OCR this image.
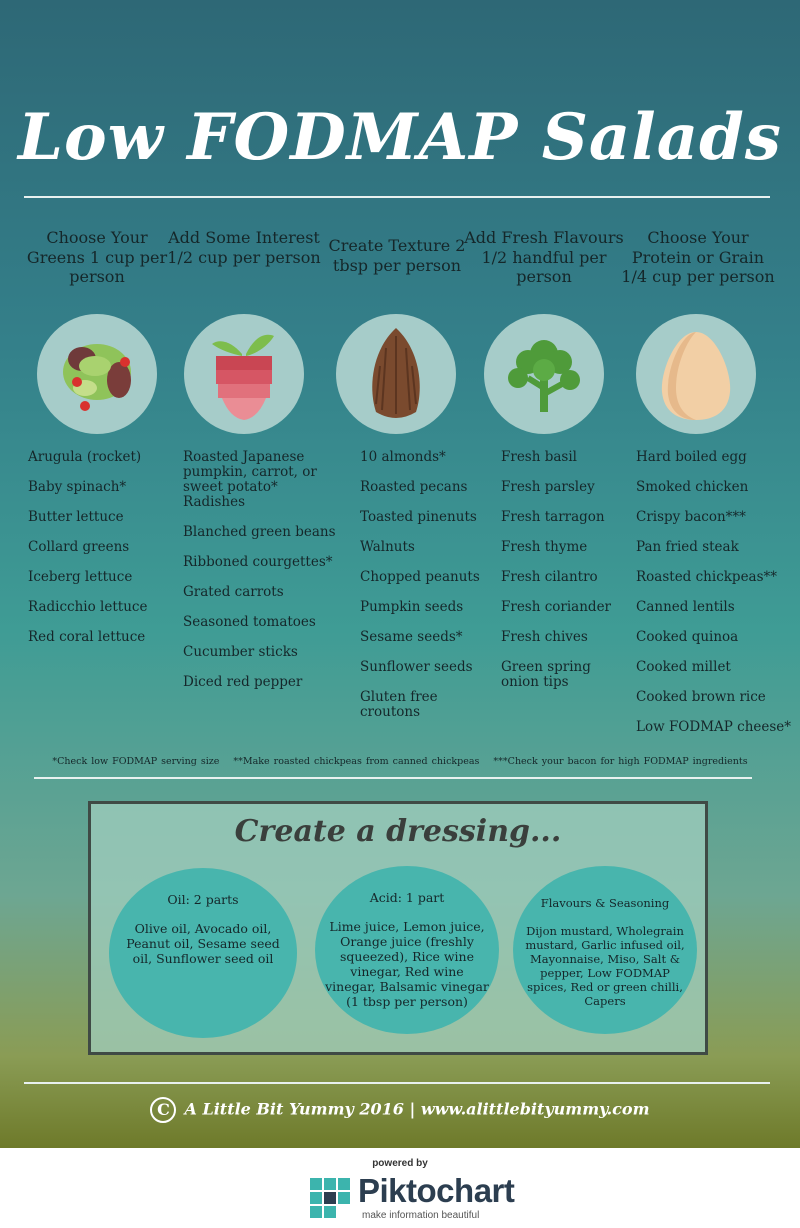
Low FODMAP Salads
Choose Your Greens 1 cup per person
Arugula (rocket)
Baby spinach*
Butter lettuce
Collard greens
Iceberg lettuce
Radicchio lettuce
Red coral lettuce
Add Some Interest 1/2 cup per person
Roasted Japanese pumpkin, carrot, or sweet potato*
Radishes
Blanched green beans
Ribboned courgettes*
Grated carrots
Seasoned tomatoes
Cucumber sticks
Diced red pepper
Create Texture 2 tbsp per person
10 almonds*
Roasted pecans
Toasted pinenuts
Walnuts
Chopped peanuts
Pumpkin seeds
Sesame seeds*
Sunflower seeds
Gluten free croutons
Add Fresh Flavours 1/2 handful per person
Fresh basil
Fresh parsley
Fresh tarragon
Fresh thyme
Fresh cilantro
Fresh coriander
Fresh chives
Green spring onion tips
Choose Your Protein or Grain 1/4 cup per person
Hard boiled egg
Smoked chicken
Crispy bacon***
Pan fried steak
Roasted chickpeas**
Canned lentils
Cooked quinoa
Cooked millet
Cooked brown rice
Low FODMAP cheese*
*Check low FODMAP serving size **Make roasted chickpeas from canned chickpeas ***Check your bacon for high FODMAP ingredients
Create a dressing...
Oil: 2 parts
Olive oil, Avocado oil, Peanut oil, Sesame seed oil, Sunflower seed oil
Acid: 1 part
Lime juice, Lemon juice, Orange juice (freshly squeezed), Rice wine vinegar, Red wine vinegar, Balsamic vinegar (1 tbsp per person)
Flavours & Seasoning
Dijon mustard, Wholegrain mustard, Garlic infused oil, Mayonnaise, Miso, Salt & pepper, Low FODMAP spices, Red or green chilli, Capers
C A Little Bit Yummy 2016 | www.alittlebityummy.com
powered by
Piktochart
make information beautiful
